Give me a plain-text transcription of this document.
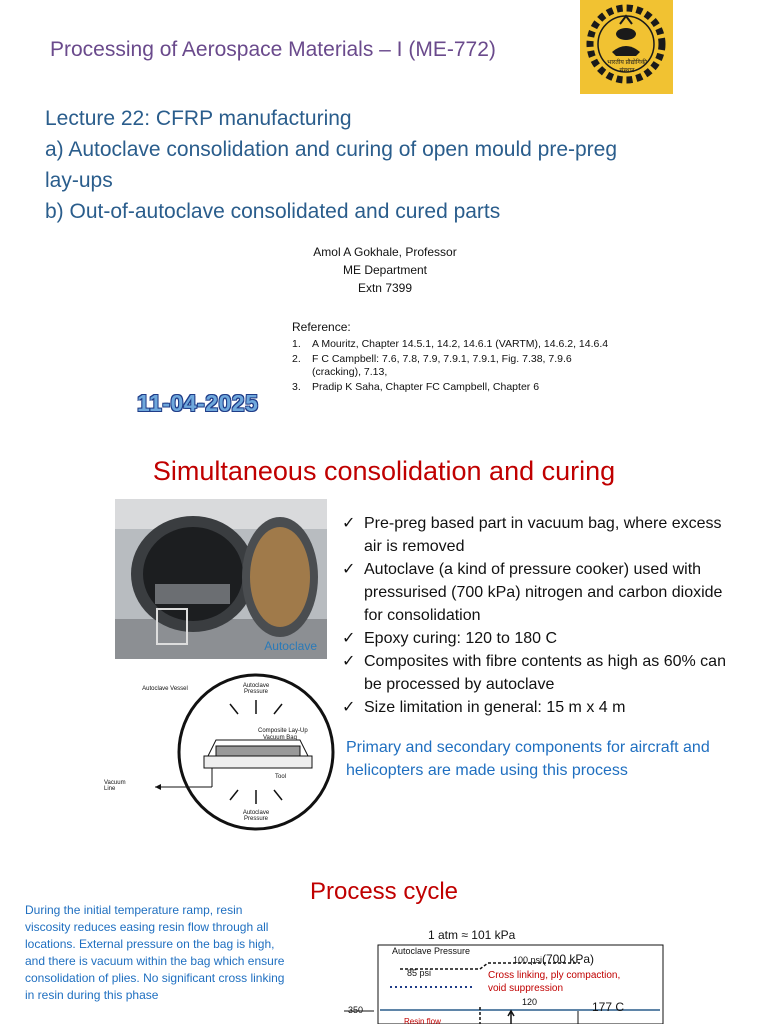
Processing of Aerospace Materials – I (ME-772)
भारतीय प्रौद्योगिकी संस्थान
Lecture 22: CFRP manufacturing
a) Autoclave consolidation and curing of open mould pre-preg
lay-ups
b) Out-of-autoclave consolidated and cured parts
Amol A Gokhale, Professor
ME Department
Extn 7399
Reference:
1.	A Mouritz, Chapter 14.5.1, 14.2, 14.6.1 (VARTM), 14.6.2, 14.6.4
2.	F C Campbell: 7.6, 7.8, 7.9, 7.9.1, 7.9.1, Fig. 7.38, 7.9.6 (cracking), 7.13,
3.	Pradip K Saha, Chapter FC Campbell, Chapter 6
11-04-2025
Simultaneous consolidation and curing
Autoclave
Autoclave Vessel	Autoclave Pressure
Composite Lay-Up
Vacuum Bag
Tool
Vacuum Line
Autoclave Pressure
✓ Pre-preg based part in vacuum bag, where excess air is removed
✓ Autoclave (a kind of pressure cooker) used with pressurised (700 kPa) nitrogen and carbon dioxide for consolidation
✓ Epoxy curing: 120 to 180 C
✓ Composites with fibre contents as high as 60% can be processed by autoclave
✓ Size limitation in general: 15 m x 4 m
Primary and secondary components for aircraft and helicopters are made using this process
Process cycle
During the initial temperature ramp, resin viscosity reduces easing resin flow through all locations. External pressure on the bag is high, and there is vacuum within the bag which ensure consolidation of plies. No significant cross linking in resin during this phase
1 atm ≈ 101 kPa
Autoclave Pressure
100 psi (700 kPa)
85 psi	Cross linking, ply compaction,
void suppression
120	177 C
350
Resin flow
